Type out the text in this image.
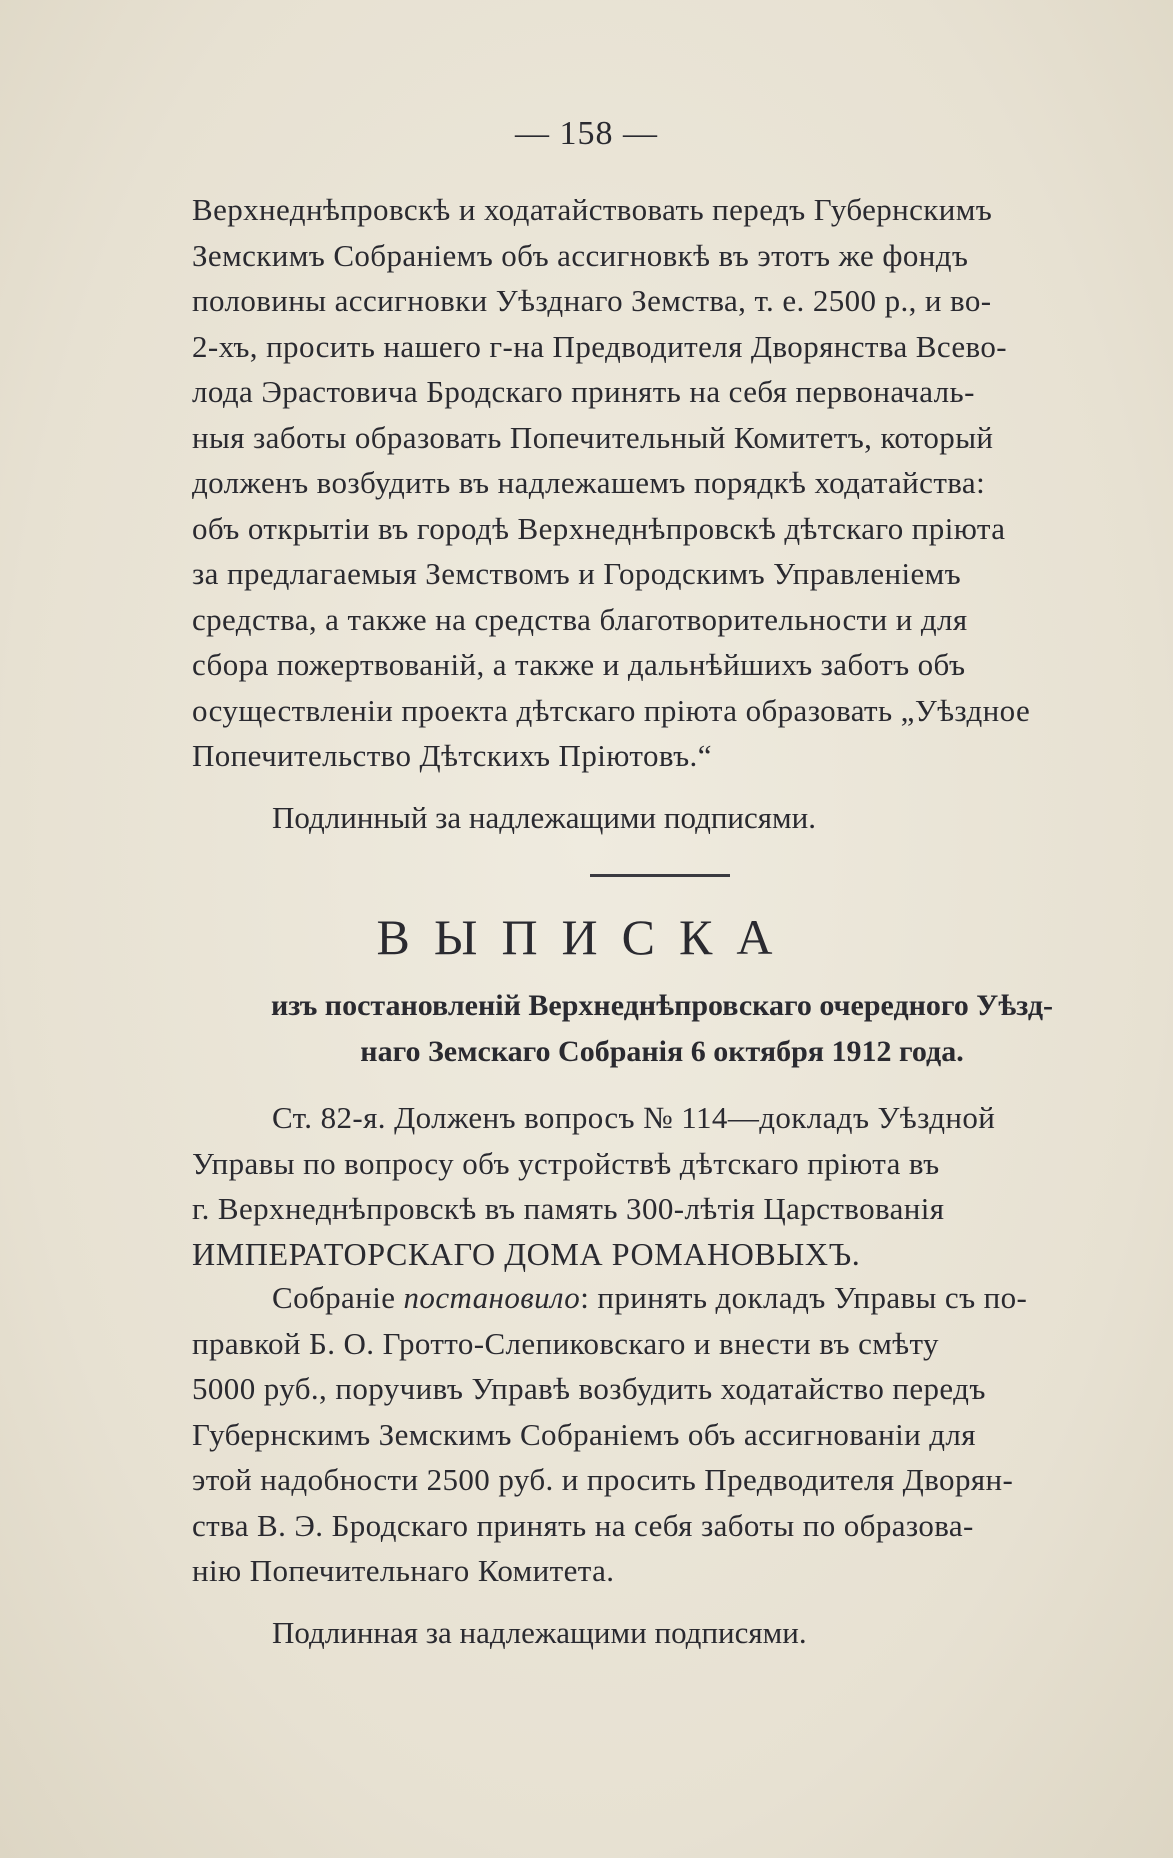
— 158 —

Верхнеднѣпровскѣ и ходатайствовать передъ Губернскимъ

Земскимъ Собраніемъ объ ассигновкѣ въ этотъ же фондъ

половины ассигновки Уѣзднаго Земства, т. е. 2500 р., и во-

2-хъ, просить нашего г-на Предводителя Дворянства Всево-

лода Эрастовича Бродскаго принять на себя первоначаль-

ныя заботы образовать Попечительный Комитетъ, который

долженъ возбудить въ надлежашемъ порядкѣ ходатайства:

объ открытіи въ городѣ Верхнеднѣпровскѣ дѣтскаго пріюта

за предлагаемыя Земствомъ и Городскимъ Управленіемъ

средства, а также на средства благотворительности и для

сбора пожертвованій, а также и дальнѣйшихъ заботъ объ

осуществленіи проекта дѣтскаго пріюта образовать „Уѣздное

Попечительство Дѣтскихъ Пріютовъ.“

Подлинный за надлежащими подписями.

ВЫПИСКА

изъ постановленій Верхнеднѣпровскаго очередного Уѣзд-

наго Земскаго Собранія 6 октября 1912 года.

Ст. 82-я. Долженъ вопросъ № 114—докладъ Уѣздной

Управы по вопросу объ устройствѣ дѣтскаго пріюта въ

г. Верхнеднѣпровскѣ въ память 300-лѣтія Царствованія

ИМПЕРАТОРСКАГО ДОМА РОМАНОВЫХЪ.

Собраніе постановило: принять докладъ Управы съ по-

правкой Б. О. Гротто-Слепиковскаго и внести въ смѣту

5000 руб., поручивъ Управѣ возбудить ходатайство передъ

Губернскимъ Земскимъ Собраніемъ объ ассигнованіи для

этой надобности 2500 руб. и просить Предводителя Дворян-

ства В. Э. Бродскаго принять на себя заботы по образова-

нію Попечительнаго Комитета.

Подлинная за надлежащими подписями.
